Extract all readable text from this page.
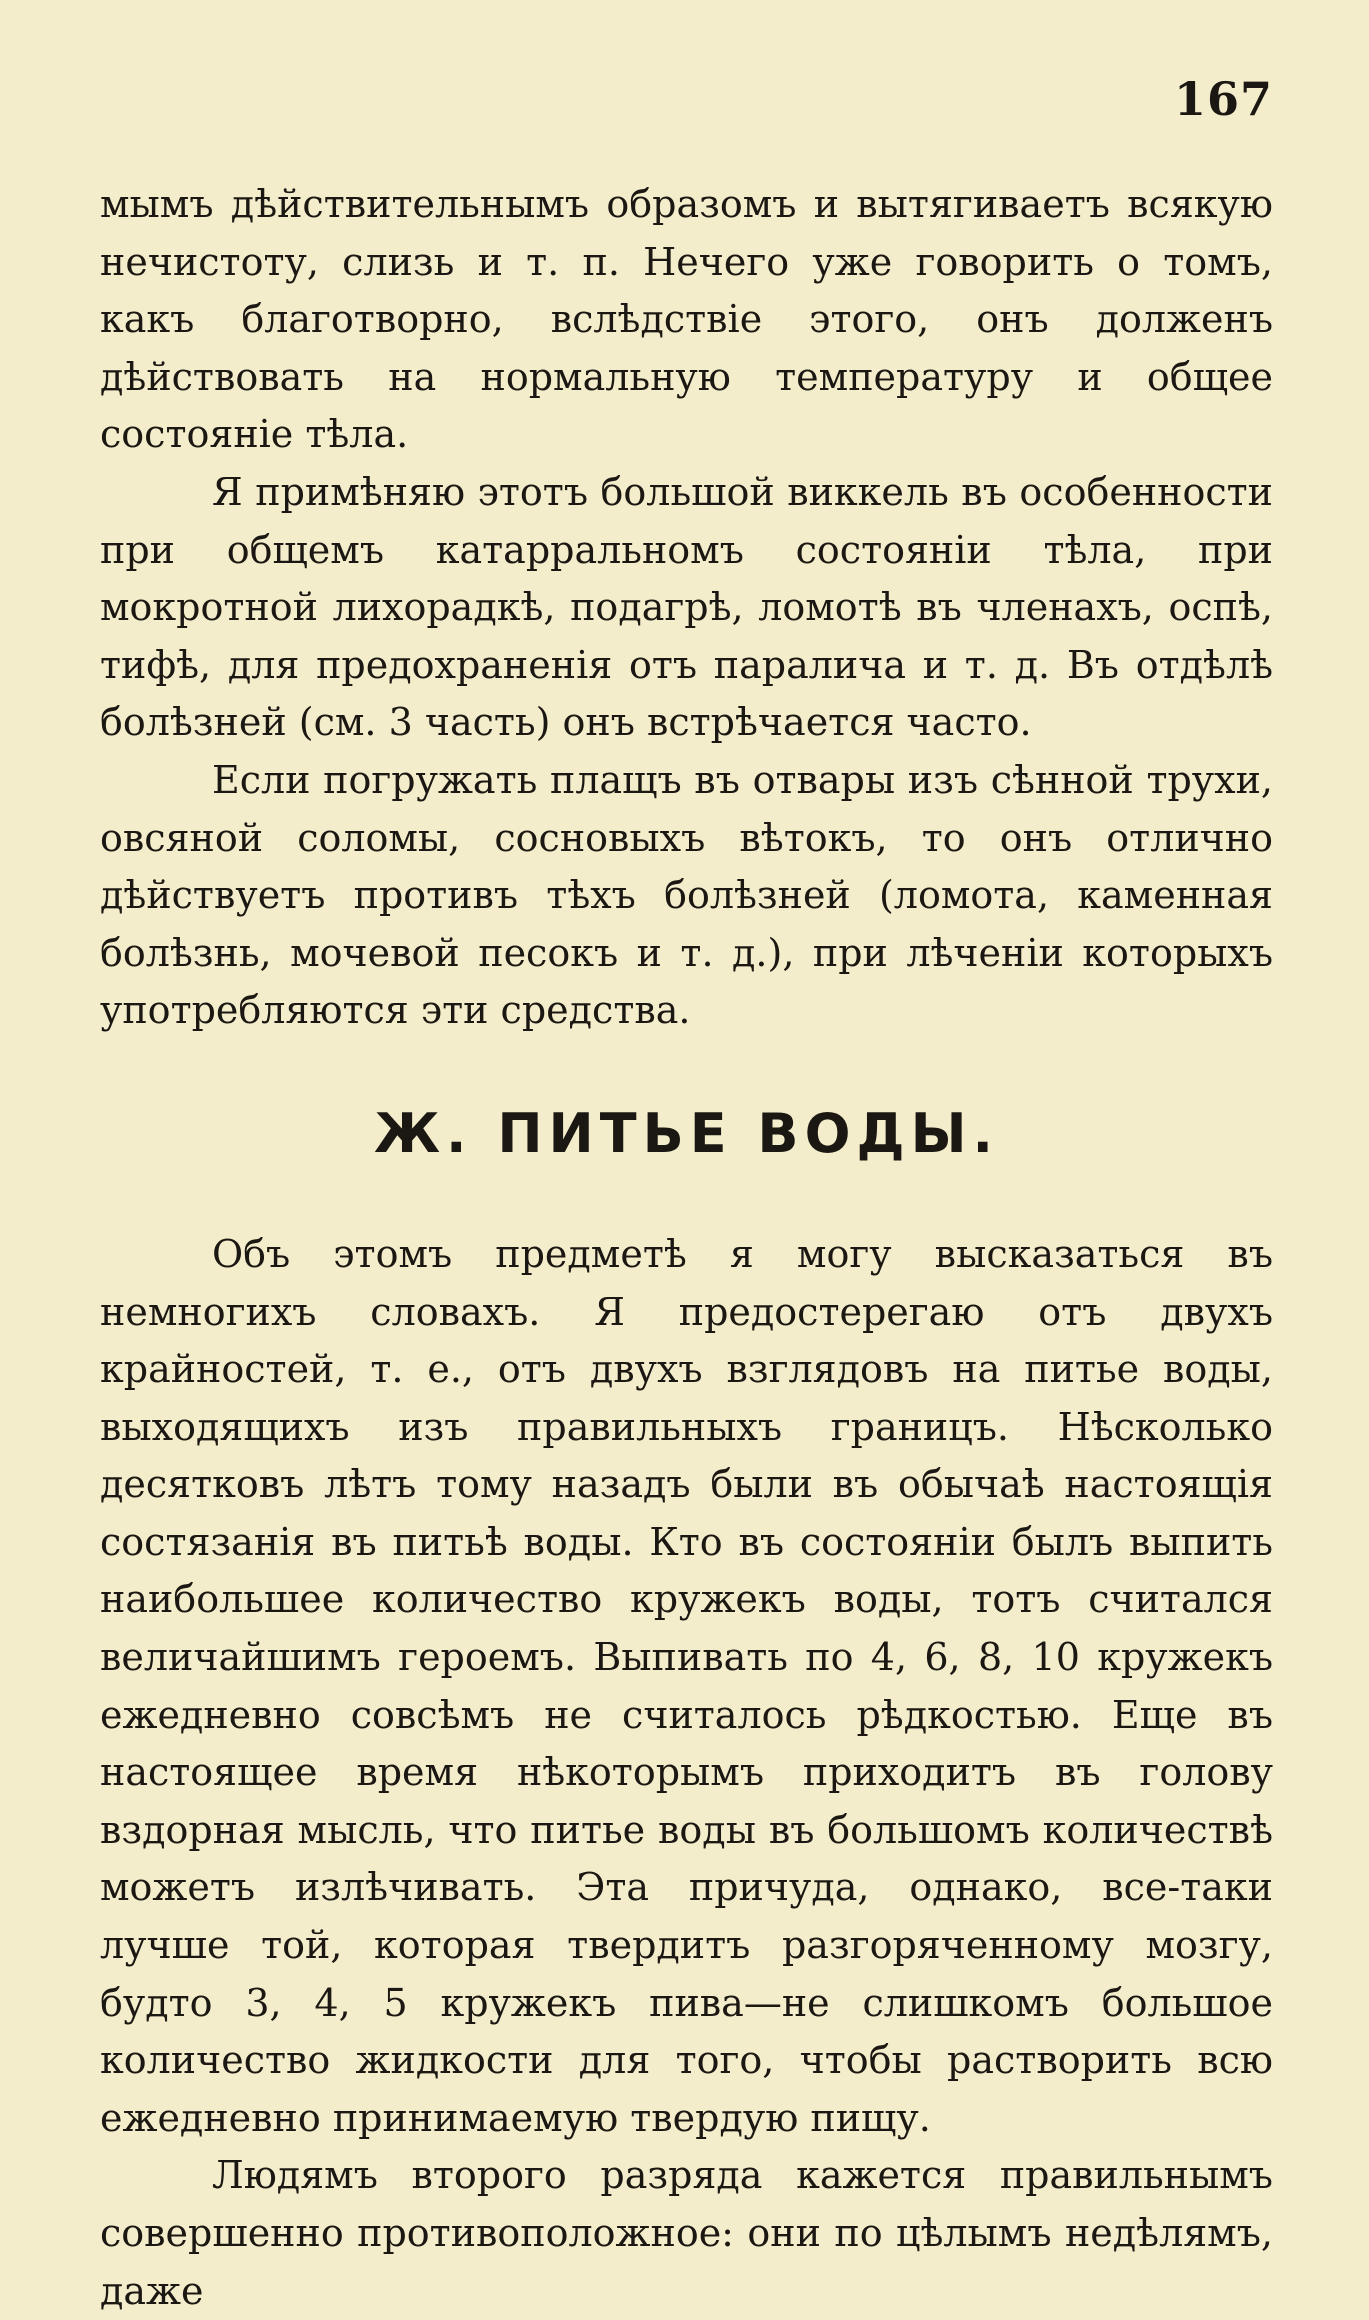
167

мымъ дѣйствительнымъ образомъ и вытягиваетъ всякую нечистоту, слизь и т. п. Нечего уже говорить о томъ, какъ благотворно, вслѣдствіе этого, онъ долженъ дѣйствовать на нормальную температуру и общее состояніе тѣла.

Я примѣняю этотъ большой виккель въ особенности при общемъ катарральномъ состояніи тѣла, при мокротной лихорадкѣ, подагрѣ, ломотѣ въ членахъ, оспѣ, тифѣ, для предохраненія отъ паралича и т. д. Въ отдѣлѣ болѣзней (см. 3 часть) онъ встрѣчается часто.

Если погружать плащъ въ отвары изъ сѣнной трухи, овсяной соломы, сосновыхъ вѣтокъ, то онъ отлично дѣйствуетъ противъ тѣхъ болѣзней (ломота, каменная болѣзнь, мочевой песокъ и т. д.), при лѣченіи которыхъ употребляются эти средства.

Ж. ПИТЬЕ ВОДЫ.

Объ этомъ предметѣ я могу высказаться въ немногихъ словахъ. Я предостерегаю отъ двухъ крайностей, т. е., отъ двухъ взглядовъ на питье воды, выходящихъ изъ правильныхъ границъ. Нѣсколько десятковъ лѣтъ тому назадъ были въ обычаѣ настоящія состязанія въ питьѣ воды. Кто въ состояніи былъ выпить наибольшее количество кружекъ воды, тотъ считался величайшимъ героемъ. Выпивать по 4, 6, 8, 10 кружекъ ежедневно совсѣмъ не считалось рѣдкостью. Еще въ настоящее время нѣкоторымъ приходитъ въ голову вздорная мысль, что питье воды въ большомъ количествѣ можетъ излѣчивать. Эта причуда, однако, все-таки лучше той, которая твердитъ разгоряченному мозгу, будто 3, 4, 5 кружекъ пива—не слишкомъ большое количество жидкости для того, чтобы растворить всю ежедневно принимаемую твердую пищу.

Людямъ второго разряда кажется правильнымъ совершенно противоположное: они по цѣлымъ недѣлямъ, даже
